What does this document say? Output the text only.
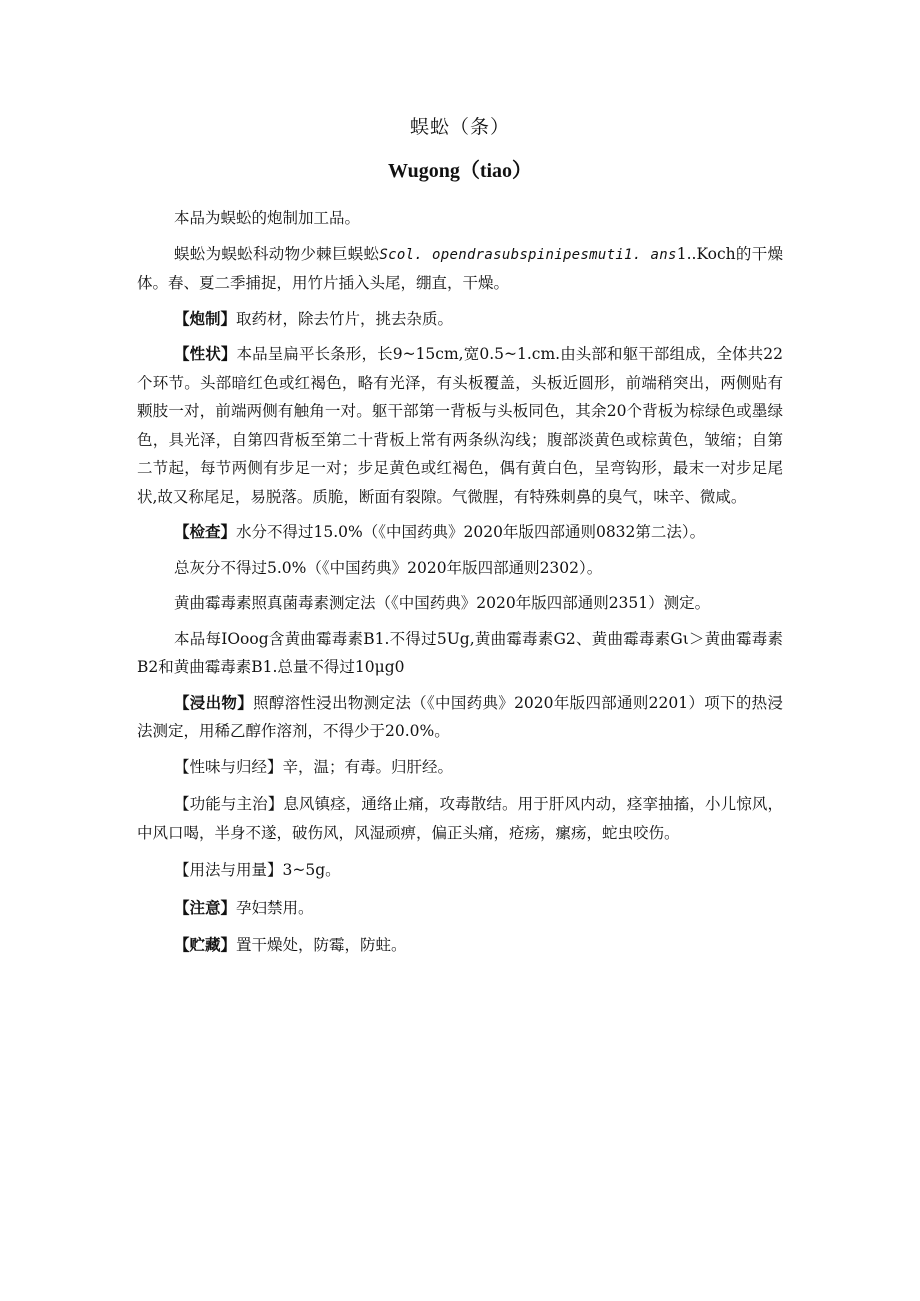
蜈蚣（条）
Wugong（tiao）

本品为蜈蚣的炮制加工品。

蜈蚣为蜈蚣科动物少棘巨蜈蚣Scol. opendrasubspinipesmuti1. ans1..Koch的干燥体。春、夏二季捕捉，用竹片插入头尾，绷直，干燥。

【炮制】取药材，除去竹片，挑去杂质。

【性状】本品呈扁平长条形，长9~15cm,宽0.5~1.cm.由头部和躯干部组成，全体共22个环节。头部暗红色或红褐色，略有光泽，有头板覆盖，头板近圆形，前端稍突出，两侧贴有颗肢一对，前端两侧有触角一对。躯干部第一背板与头板同色，其余20个背板为棕绿色或墨绿色，具光泽，自第四背板至第二十背板上常有两条纵沟线；腹部淡黄色或棕黄色，皱缩；自第二节起，每节两侧有步足一对；步足黄色或红褐色，偶有黄白色，呈弯钩形，最末一对步足尾状,故又称尾足，易脱落。质脆，断面有裂隙。气微腥，有特殊刺鼻的臭气，味辛、微咸。

【检查】水分不得过15.0%（《中国药典》2020年版四部通则0832第二法）。

总灰分不得过5.0%（《中国药典》2020年版四部通则2302）。

黄曲霉毒素照真菌毒素测定法（《中国药典》2020年版四部通则2351）测定。

本品每IOoog含黄曲霉毒素B1.不得过5Ug,黄曲霉毒素G2、黄曲霉毒素Gι＞黄曲霉毒素B2和黄曲霉毒素B1.总量不得过10μg0

【浸出物】照醇溶性浸出物测定法（《中国药典》2020年版四部通则2201）项下的热浸法测定，用稀乙醇作溶剂，不得少于20.0%。

【性味与归经】辛，温；有毒。归肝经。

【功能与主治】息风镇痉，通络止痛，攻毒散结。用于肝风内动，痉挛抽搐，小儿惊风，中风口喝，半身不遂，破伤风，风湿顽痹，偏正头痛，疮疡，瘰疡，蛇虫咬伤。

【用法与用量】3~5g。

【注意】孕妇禁用。

【贮藏】置干燥处，防霉，防蛀。
